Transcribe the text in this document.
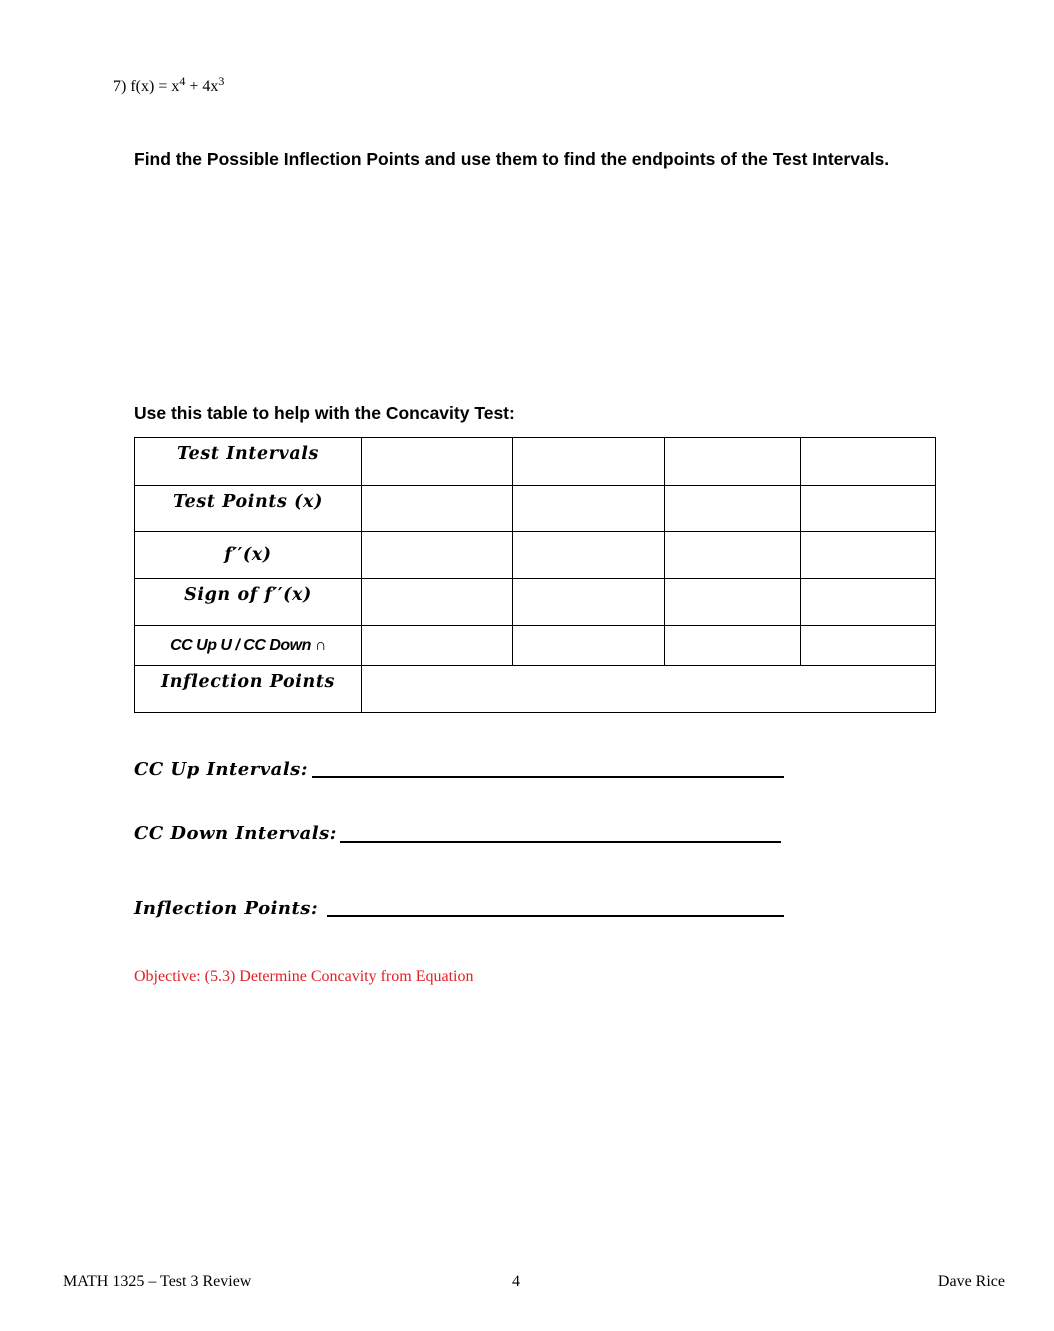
7) $f(x) = x^4 + 4x^3$
Find the Possible Inflection Points and use them to find the endpoints of the Test Intervals.
Use this table to help with the Concavity Test:
Test Intervals				
Test Points (x)				
f′′(x)				
Sign of f′′(x)				
CC Up U / CC Down ∩				
Inflection Points				
CC Up Intervals:
CC Down Intervals:
Inflection Points:
Objective: (5.3) Determine Concavity from Equation
MATH 1325 – Test 3 Review	4	Dave Rice
